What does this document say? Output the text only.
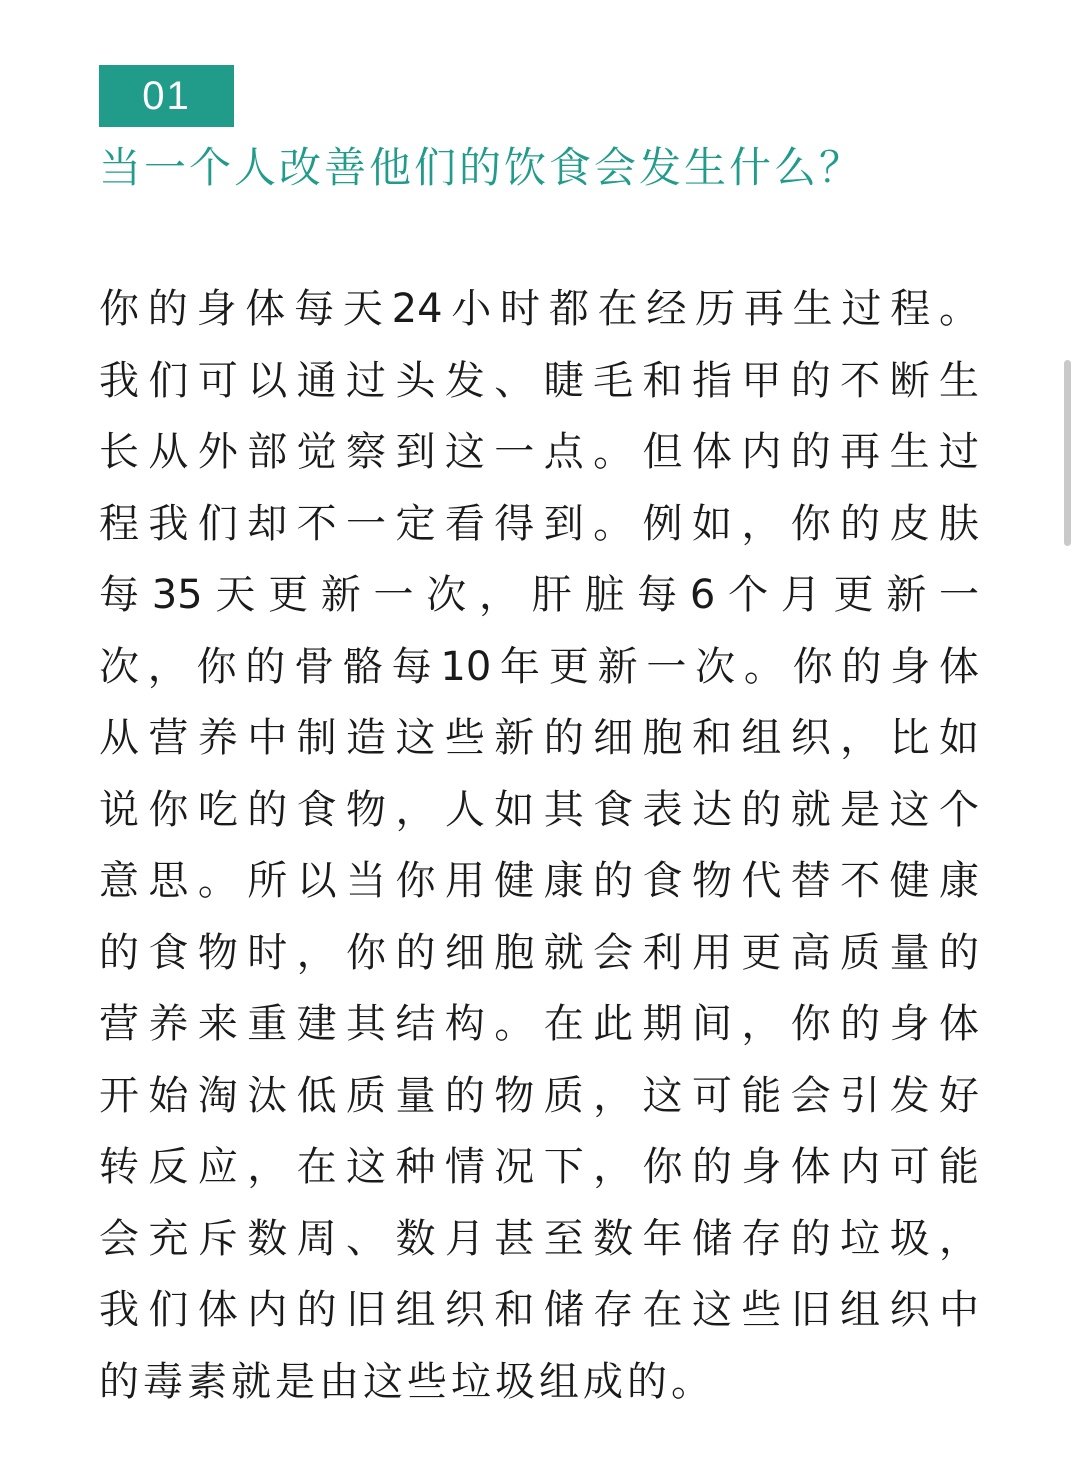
01
当一个人改善他们的饮食会发生什么？
你的身体每天24小时都在经历再生过程。
我们可以通过头发、睫毛和指甲的不断生
长从外部觉察到这一点。但体内的再生过
程我们却不一定看得到。例如，你的皮肤
每35天更新一次，肝脏每6个月更新一
次，你的骨骼每10年更新一次。你的身体
从营养中制造这些新的细胞和组织，比如
说你吃的食物，人如其食表达的就是这个
意思。所以当你用健康的食物代替不健康
的食物时，你的细胞就会利用更高质量的
营养来重建其结构。在此期间，你的身体
开始淘汰低质量的物质，这可能会引发好
转反应，在这种情况下，你的身体内可能
会充斥数周、数月甚至数年储存的垃圾，
我们体内的旧组织和储存在这些旧组织中
的毒素就是由这些垃圾组成的。
